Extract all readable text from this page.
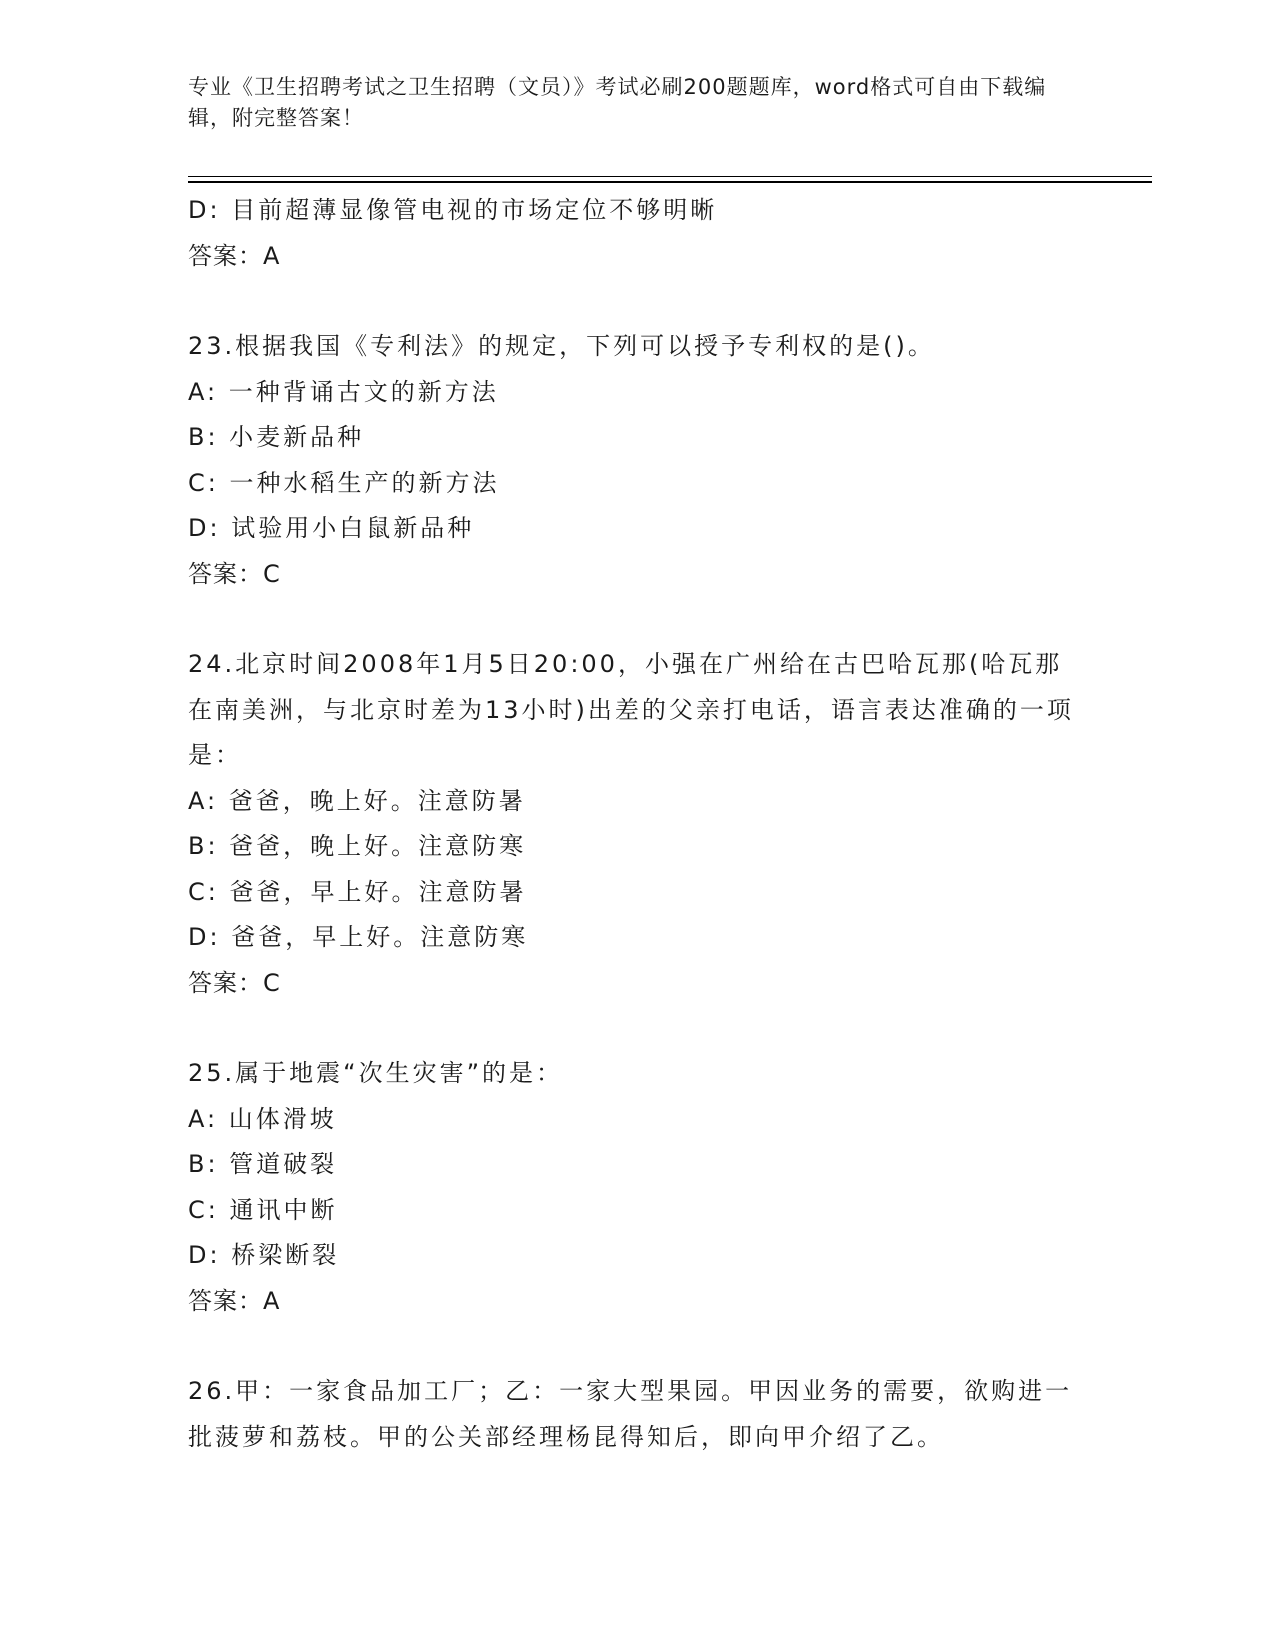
专业《卫生招聘考试之卫生招聘（文员）》考试必刷200题题库，word格式可自由下载编辑，附完整答案！

D: 目前超薄显像管电视的市场定位不够明晰

答案：A

23.根据我国《专利法》的规定，下列可以授予专利权的是()。

A: 一种背诵古文的新方法

B: 小麦新品种

C: 一种水稻生产的新方法

D: 试验用小白鼠新品种

答案：C

24.北京时间2008年1月5日20:00，小强在广州给在古巴哈瓦那(哈瓦那在南美洲，与北京时差为13小时)出差的父亲打电话，语言表达准确的一项是：

A: 爸爸，晚上好。注意防暑

B: 爸爸，晚上好。注意防寒

C: 爸爸，早上好。注意防暑

D: 爸爸，早上好。注意防寒

答案：C

25.属于地震“次生灾害”的是：

A: 山体滑坡

B: 管道破裂

C: 通讯中断

D: 桥梁断裂

答案：A

26.甲：一家食品加工厂；乙：一家大型果园。甲因业务的需要，欲购进一批菠萝和荔枝。甲的公关部经理杨昆得知后，即向甲介绍了乙。
